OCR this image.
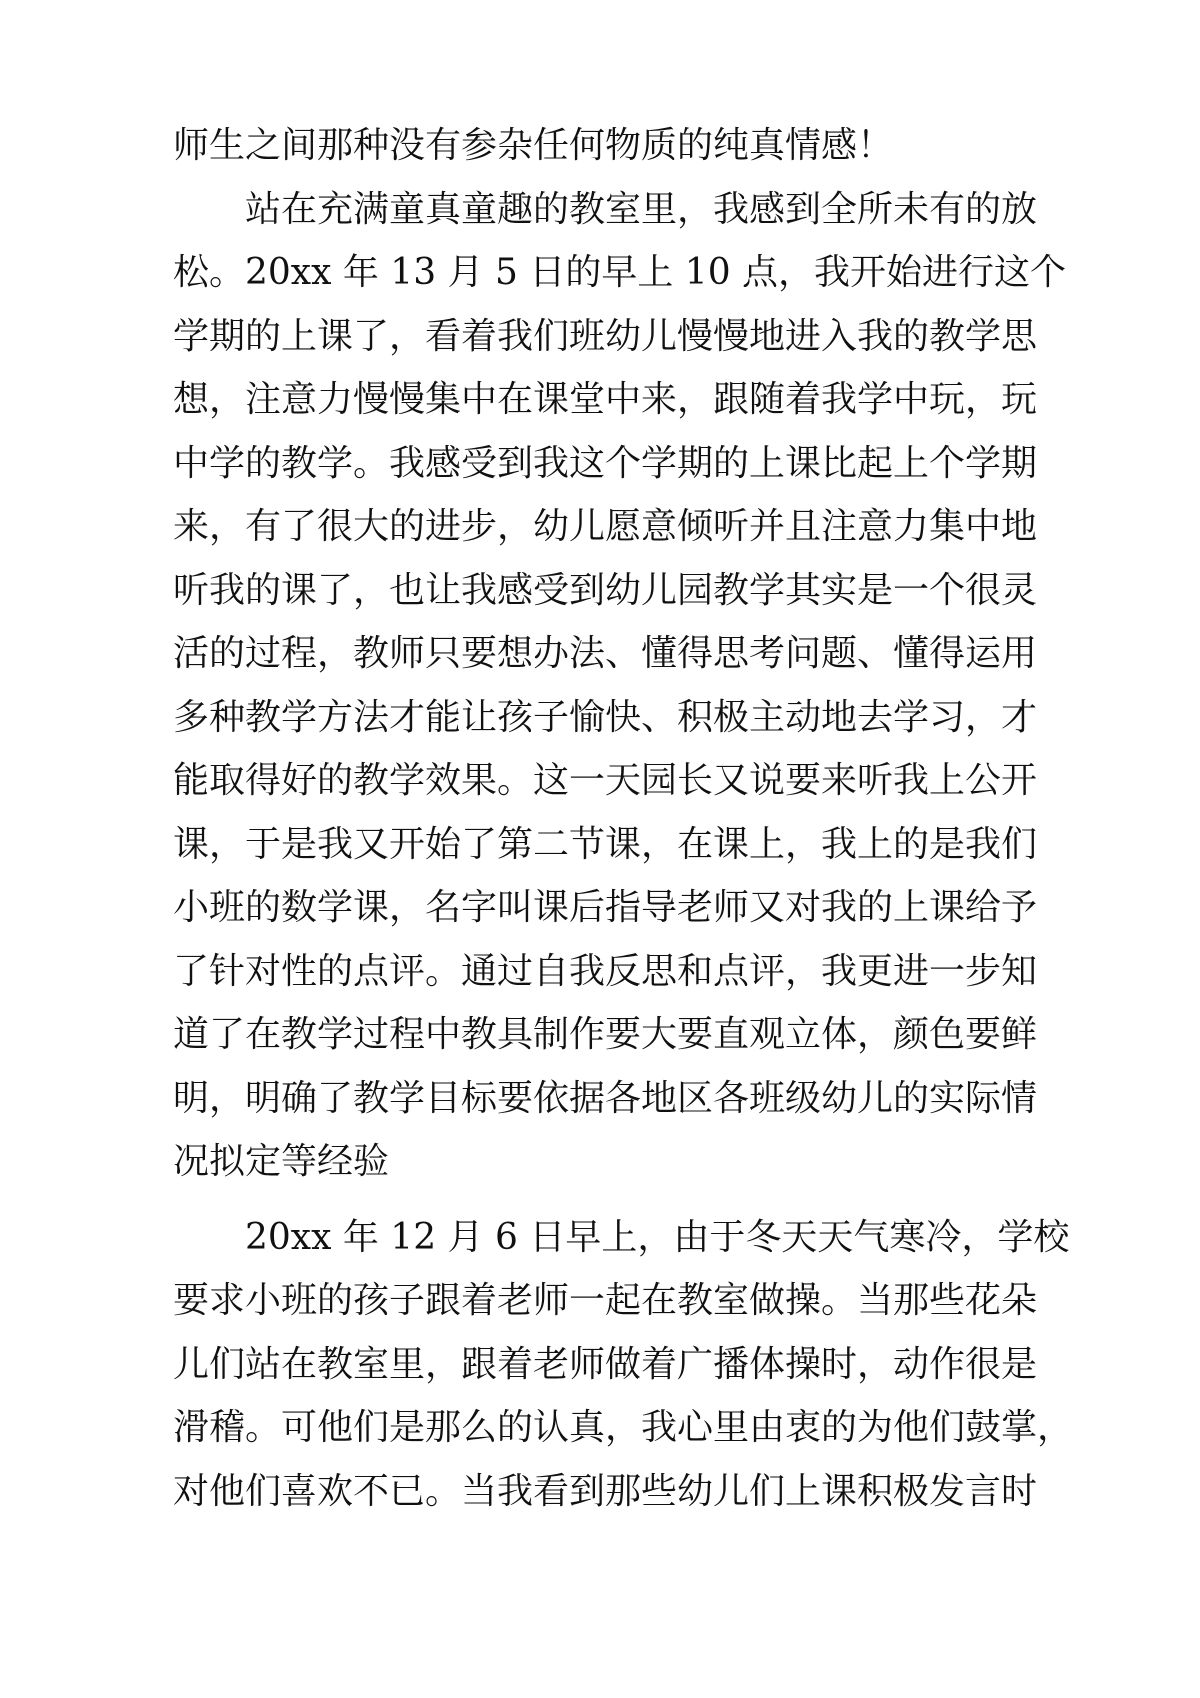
师生之间那种没有参杂任何物质的纯真情感！
站在充满童真童趣的教室里，我感到全所未有的放
松。20xx 年 13 月 5 日的早上 10 点，我开始进行这个
学期的上课了，看着我们班幼儿慢慢地进入我的教学思
想，注意力慢慢集中在课堂中来，跟随着我学中玩，玩
中学的教学。我感受到我这个学期的上课比起上个学期
来，有了很大的进步，幼儿愿意倾听并且注意力集中地
听我的课了，也让我感受到幼儿园教学其实是一个很灵
活的过程，教师只要想办法、懂得思考问题、懂得运用
多种教学方法才能让孩子愉快、积极主动地去学习，才
能取得好的教学效果。这一天园长又说要来听我上公开
课，于是我又开始了第二节课，在课上，我上的是我们
小班的数学课，名字叫课后指导老师又对我的上课给予
了针对性的点评。通过自我反思和点评，我更进一步知
道了在教学过程中教具制作要大要直观立体，颜色要鲜
明，明确了教学目标要依据各地区各班级幼儿的实际情
况拟定等经验
20xx 年 12 月 6 日早上，由于冬天天气寒冷，学校
要求小班的孩子跟着老师一起在教室做操。当那些花朵
儿们站在教室里，跟着老师做着广播体操时，动作很是
滑稽。可他们是那么的认真，我心里由衷的为他们鼓掌，
对他们喜欢不已。当我看到那些幼儿们上课积极发言时
